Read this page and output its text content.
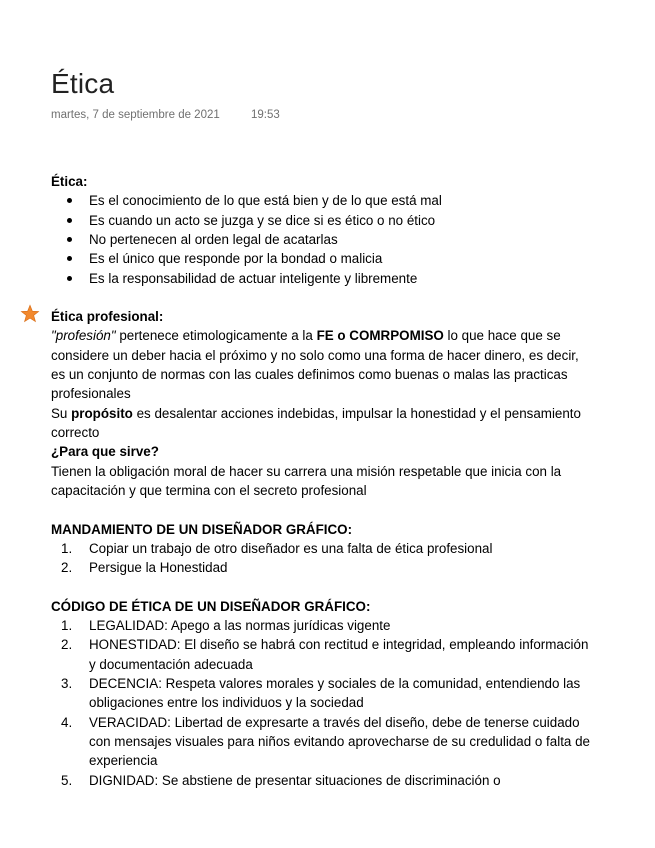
Ética
martes, 7 de septiembre de 2021	19:53

Ética:

Es el conocimiento de lo que está bien y de lo que está mal
Es cuando un acto se juzga y se dice si es ético o no ético
No pertenecen al orden legal de acatarlas
Es el único que responde por la bondad o malicia
Es la responsabilidad de actuar inteligente y libremente

Ética profesional:

"profesión" pertenece etimologicamente a la FE o COMRPOMISO lo que hace que se considere un deber hacia el próximo y no solo como una forma de hacer dinero, es decir, es un conjunto de normas con las cuales definimos como buenas o malas las practicas profesionales

Su propósito es desalentar acciones indebidas, impulsar la honestidad y el pensamiento correcto

¿Para que sirve?

Tienen la obligación moral de hacer su carrera una misión respetable que inicia con la capacitación y que termina con el secreto profesional

MANDAMIENTO DE UN DISEÑADOR GRÁFICO:

1. Copiar un trabajo de otro diseñador es una falta de ética profesional
2. Persigue la Honestidad

CÓDIGO DE ÉTICA DE UN DISEÑADOR GRÁFICO:

1. LEGALIDAD: Apego a las normas jurídicas vigente
2. HONESTIDAD: El diseño se habrá con rectitud e integridad, empleando información y documentación adecuada
3. DECENCIA: Respeta valores morales y sociales de la comunidad, entendiendo las obligaciones entre los individuos y la sociedad
4. VERACIDAD: Libertad de expresarte a través del diseño, debe de tenerse cuidado con mensajes visuales para niños evitando aprovecharse de su credulidad o falta de experiencia
5. DIGNIDAD: Se abstiene de presentar situaciones de discriminación o
